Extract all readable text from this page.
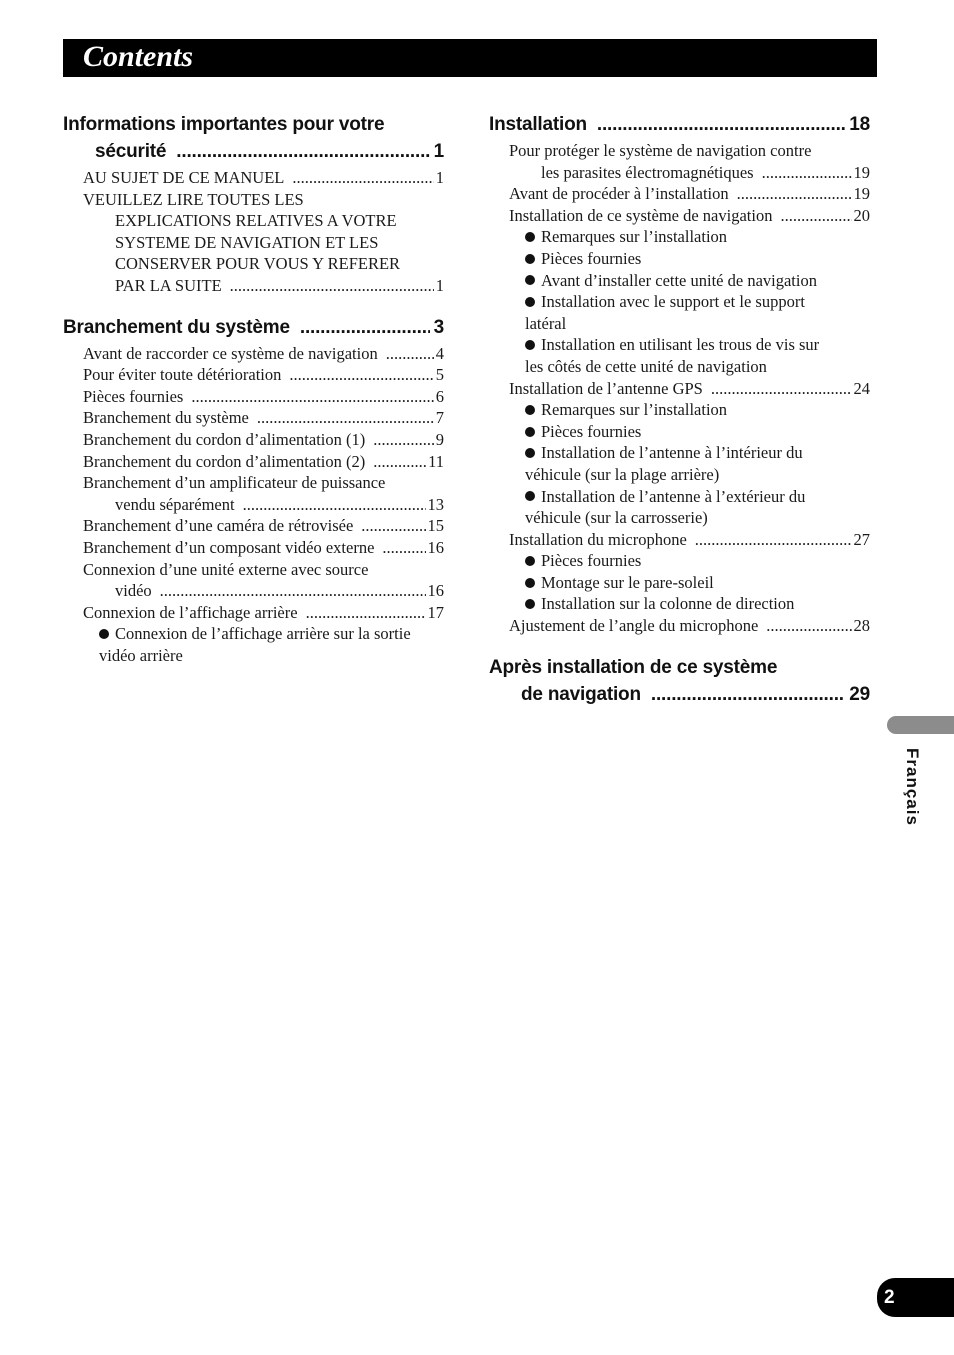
Contents
Informations importantes pour votre
sécurité .....	1
AU SUJET DE CE MANUEL .....	1
VEUILLEZ LIRE TOUTES LES
EXPLICATIONS RELATIVES A VOTRE
SYSTEME DE NAVIGATION ET LES
CONSERVER POUR VOUS Y REFERER
PAR LA SUITE .....	1
Branchement du système .....	3
Avant de raccorder ce système de navigation .....	4
Pour éviter toute détérioration .....	5
Pièces fournies .....	6
Branchement du système .....	7
Branchement du cordon d’alimentation (1) .....	9
Branchement du cordon d’alimentation (2) .....	11
Branchement d’un amplificateur de puissance
vendu séparément .....	13
Branchement d’une caméra de rétrovisée .....	15
Branchement d’un composant vidéo externe .....	16
Connexion d’une unité externe avec source
vidéo .....	16
Connexion de l’affichage arrière .....	17
Connexion de l’affichage arrière sur la sortie
vidéo arrière
Installation .....	18
Pour protéger le système de navigation contre
les parasites électromagnétiques .....	19
Avant de procéder à l’installation .....	19
Installation de ce système de navigation .....	20
Remarques sur l’installation
Pièces fournies
Avant d’installer cette unité de navigation
Installation avec le support et le support
latéral
Installation en utilisant les trous de vis sur
les côtés de cette unité de navigation
Installation de l’antenne GPS .....	24
Remarques sur l’installation
Pièces fournies
Installation de l’antenne à l’intérieur du
véhicule (sur la plage arrière)
Installation de l’antenne à l’extérieur du
véhicule (sur la carrosserie)
Installation du microphone .....	27
Pièces fournies
Montage sur le pare-soleil
Installation sur la colonne de direction
Ajustement de l’angle du microphone .....	28
Après installation de ce système
de navigation .....	29
Français
2
